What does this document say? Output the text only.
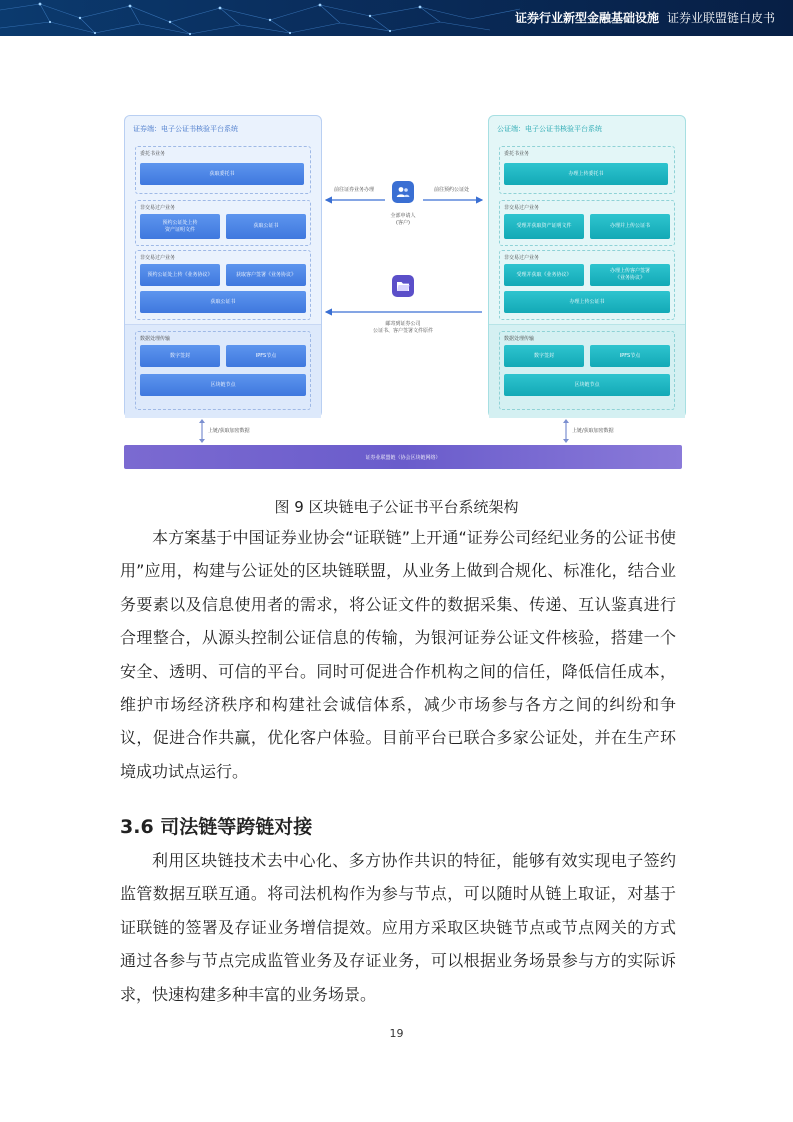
证券行业新型金融基础设施 证券业联盟链白皮书
证券端：电子公证书核验平台系统
委托书业务
获取委托书
非交易过户业务
预约公证处上传
资产证明文件
获取公证书
非交易过户业务
预约公证处上传《业务协议》	获取客户签署《业务协议》
获取公证书
数据处理传输
数字签封	IPFS节点
区块链节点
前往证券业务办理	前往预约公证处
全部申请人
(客户)
邮寄到证券公司
公证书、客户签署文件原件
公证端：电子公证书核验平台系统
委托书业务
办理上传委托书
非交易过户业务
受理并获取资产证明文件	办理并上传公证书
非交易过户业务
受理并获取《业务协议》
办理上传客户签署
《业务协议》
办理上传公证书
数据处理传输
数字签封	IPFS节点
区块链节点
上链/获取加密数据	上链/获取加密数据
证券业联盟链（协会区块链网络）
图 9 区块链电子公证书平台系统架构
本方案基于中国证券业协会“证联链”上开通“证券公司经纪业务的公证书使用”应用，构建与公证处的区块链联盟，从业务上做到合规化、标准化，结合业务要素以及信息使用者的需求，将公证文件的数据采集、传递、互认鉴真进行合理整合，从源头控制公证信息的传输，为银河证券公证文件核验，搭建一个安全、透明、可信的平台。同时可促进合作机构之间的信任，降低信任成本，维护市场经济秩序和构建社会诚信体系，减少市场参与各方之间的纠纷和争议，促进合作共赢，优化客户体验。目前平台已联合多家公证处，并在生产环境成功试点运行。
3.6 司法链等跨链对接
利用区块链技术去中心化、多方协作共识的特征，能够有效实现电子签约监管数据互联互通。将司法机构作为参与节点，可以随时从链上取证，对基于证联链的签署及存证业务增信提效。应用方采取区块链节点或节点网关的方式通过各参与节点完成监管业务及存证业务，可以根据业务场景参与方的实际诉求，快速构建多种丰富的业务场景。
19
